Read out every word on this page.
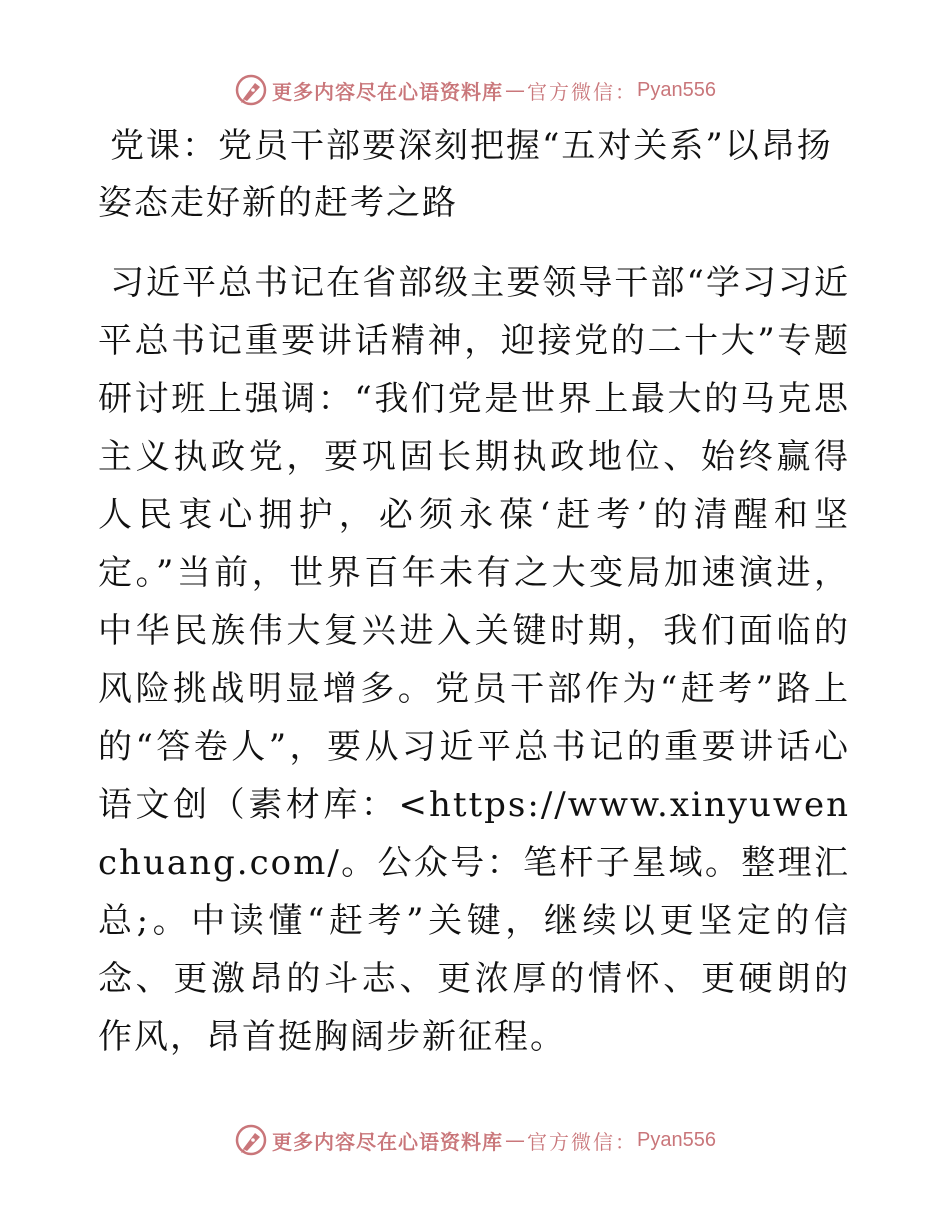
更多内容尽在心语资料库 — 官方微信： Pyan556
党课：党员干部要深刻把握“五对关系”以昂扬姿态走好新的赶考之路

习近平总书记在省部级主要领导干部“学习习近平总书记重要讲话精神，迎接党的二十大”专题研讨班上强调：“我们党是世界上最大的马克思主义执政党，要巩固长期执政地位、始终赢得人民衷心拥护，必须永葆‘赶考’的清醒和坚定。”当前，世界百年未有之大变局加速演进，中华民族伟大复兴进入关键时期，我们面临的风险挑战明显增多。党员干部作为“赶考”路上的“答卷人”，要从习近平总书记的重要讲话心语文创（素材库：<https://www.xinyuwenchuang.com/。公众号：笔杆子星域。整理汇总;。中读懂“赶考”关键，继续以更坚定的信念、更激昂的斗志、更浓厚的情怀、更硬朗的作风，昂首挺胸阔步新征程。

更多内容尽在心语资料库 — 官方微信： Pyan556
